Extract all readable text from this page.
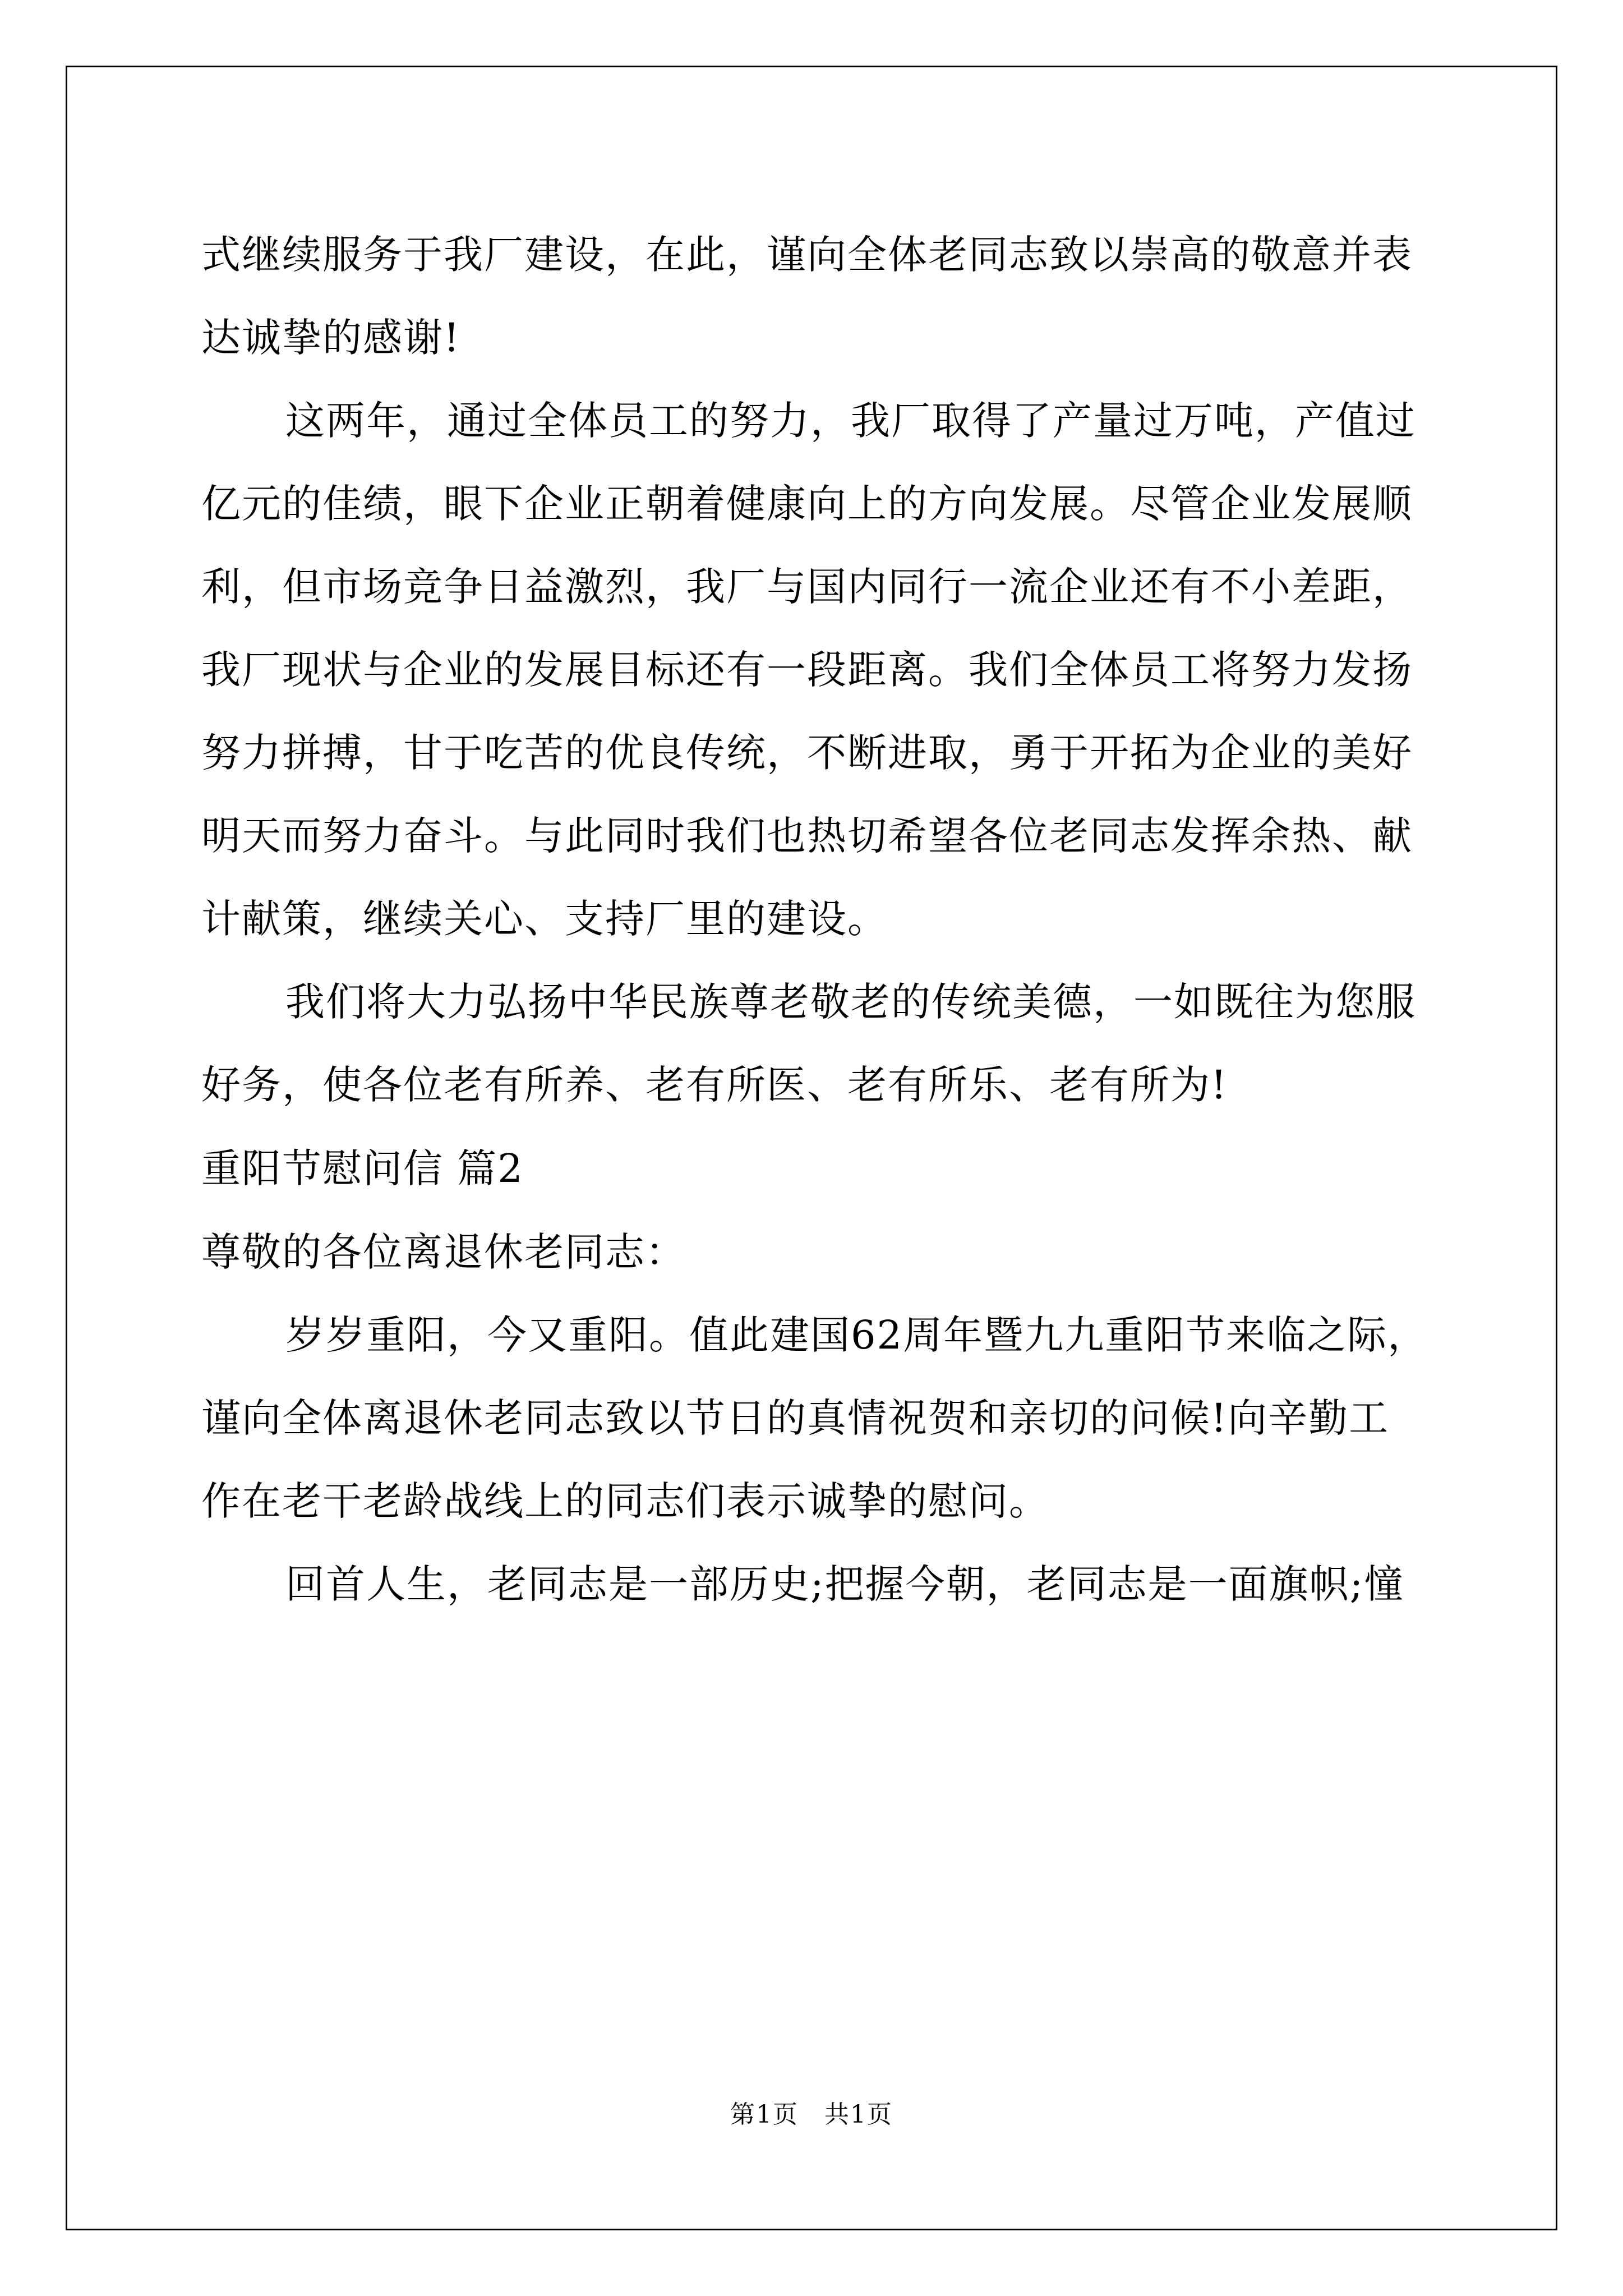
式继续服务于我厂建设，在此，谨向全体老同志致以崇高的敬意并表
达诚挚的感谢!
这两年，通过全体员工的努力，我厂取得了产量过万吨，产值过
亿元的佳绩，眼下企业正朝着健康向上的方向发展。尽管企业发展顺
利，但市场竞争日益激烈，我厂与国内同行一流企业还有不小差距，
我厂现状与企业的发展目标还有一段距离。我们全体员工将努力发扬
努力拼搏，甘于吃苦的优良传统，不断进取，勇于开拓为企业的美好
明天而努力奋斗。与此同时我们也热切希望各位老同志发挥余热、献
计献策，继续关心、支持厂里的建设。
我们将大力弘扬中华民族尊老敬老的传统美德，一如既往为您服
好务，使各位老有所养、老有所医、老有所乐、老有所为!
重阳节慰问信 篇2
尊敬的各位离退休老同志：
岁岁重阳，今又重阳。值此建国62周年暨九九重阳节来临之际，
谨向全体离退休老同志致以节日的真情祝贺和亲切的问候!向辛勤工
作在老干老龄战线上的同志们表示诚挚的慰问。
回首人生，老同志是一部历史;把握今朝，老同志是一面旗帜;憧
第1页　共1页
